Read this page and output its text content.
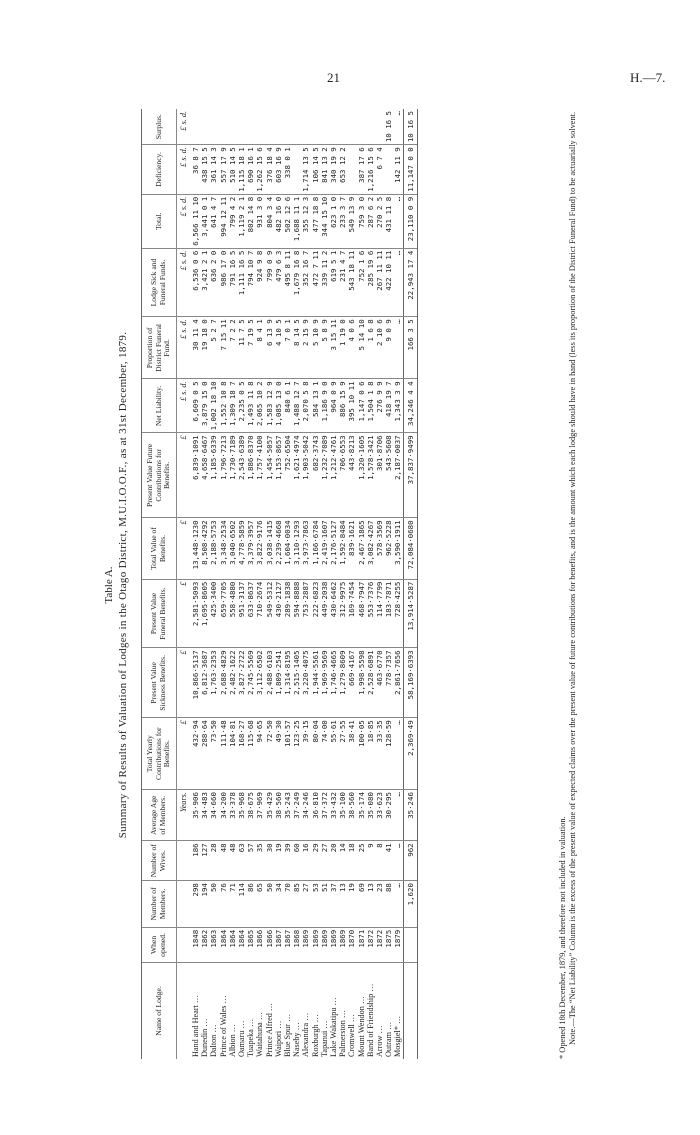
21	H.—7.
Table A. Summary of Results of Valuation of Lodges in the Otago District, M.U.I.O.O.F., as at 31st December, 1879.
Name of Lodge.	When opened.	Number of Members.	Number of Wives.	Average Age of Members.	Total Yearly Contributions for Benefits.	Present Value Sickness Benefits.	Present Value Funeral Benefits.	Total Value of Benefits.	Present Value Future Contributions for Benefits.	Net Liability.	Proportion of District Funeral Fund.	Lodge Sick and Funeral Funds.	Total.	Deficiency.	Surplus.
				Years.	£	£	£	£	£	£ s. d.	£ s. d.	£ s. d.	£ s. d.	£ s. d.	£ s. d.
Hand and Heart …	1848	298	186	35·906	432·94	10,866·5137	2,581·5093	13,448·1230	6,839·1091	6,609 0 5	30 11 4	6,536 0 6	6,566 11 10	36 8 7	
Dunedin …	1862	194	127	34·483	288·64	6,812·3687	1,695·8605	8,508·4292	4,658·6467	3,879 15 0	19 18 0	3,421 2 1	3,441 0 1	438 15 5	
Dalton …	1863	50	28	34·660	73·50	1,763·2353	425·3400	2,188·5753	1,185·6339	1,002 18 10	5 2 7	636 2 0	641 4 7	361 14 3	
Prince of Wales …	1864	76	48	34·200	111·48	2,688·4829	659·7705	3,348·2534	1,796·7213	1,552 10 8	7 15 11	986 17 0	994 12 11	557 17 9	
Albion …	1864	71	48	33·378	104·81	2,482·1622	558·4880	3,040·6502	1,730·7189	1,309 18 7	7 2 2	791 16 5	799 4 2	510 14 5	
Oamaru …	1864	114	63	35·968	168·27	3,827·2722	951·3137	4,778·5859	2,543·6389	2,235 0 5	11 7 5	1,111 16 5	1,119 2 1	1,115 18 1	
Tuapeka …	1865	86	57	38·675	115·68	2,745·5569	633·8637	3,379·3957	1,886·8370	1,493 11 8	7 19 5	794 10 7	802 14 8	690 16 1	
Waitahuna …	1866	65	35	37·969	94·65	3,112·6502	710·2674	3,822·9176	1,757·4100	2,065 10 2	8 4 1	924 9 8	931 3 0	1,262 15 6	
Prince Alfred …	1866	50	30	35·429	72·50	2,488·6103	549·5312	3,038·1415	1,454·5057	1,583 12 9	6 13 9	799 0 9	804 3 4	376 18 4	
Waipori …	1867	34	19	38·560	49·30	1,809·2541	430·2127	2,239·4668	1,153·8657	1,085 13 0	4 10 5	479 6 3	482 16 0	603 16 9	
Blue Spur …	1867	70	39	35·243	101·57	1,314·8195	289·1838	1,604·0034	752·6504	840 6 1	7 0 1	495 8 11	502 12 6	338 0 1	
Naseby …	1868	85	60	37·249	123·25	2,515·1405	594·8888	3,110·1293	1,621·4974	1,488 12 7	8 14 5	1,679 16 8	1,688 11 1		
Alexandra …	1869	27	16	34·246	39·15	3,220·4075	753·2887	3,973·7863	1,903·5042	2,070 5 8	2 15 9	352 16 7	355 12 3	1,714 13 5	
Roxburgh …	1869	53	29	36·810	80·04	1,944·5561	222·6823	1,166·6784	682·3743	584 13 1	5 10 9	472 7 11	477 18 8	106 14 5	
Tapanui …	1869	51	27	37·372	74·00	1,969·9569	449·2038	2,419·1607	1,232·7089	1,186 9 0	5 8 9	339 11 2	344 15 10	841 13 2	
Lake Wakatipu …	1869	37	20	33·432	55·61	1,746·4665	430·6462	2,176·5127	1,212·4761	964 0 9	3 15 11	619 5 1	623 1 0	340 19 9	
Palmerston …	1869	13	14	35·100	27·55	1,279·8609	312·9975	1,592·8484	706·6553	886 15 9	1 19 0	231 4 7	233 3 7	653 12 2	
Cromwell …	1870	19	18	38·560	38·41	669·4167	169·7454	839·1621	443·8213	395 10 11	4 0 6	543 18 11	549 13 9		
Mount Wendon …	1871	69	25	35·174	100·05	1,998·5598	468·7947	2,467·1865	1,320·1605	1,147 0 6	5 14 10	752 1 6	759 3 0	387 17 6	
Band of Friendship …	1872	13	9	35·080	18·85	2,528·6891	553·7376	3,082·4267	1,578·3421	1,504 1 8	1 6 8	285 19 6	287 6 2	1,216 15 6	
Arrow …	1872	23	8	33·623	33·35	463·6770	114·7799	578·3569	301·8706	276 9 9	2 10 6	267 11 11	270 2 5	6 7 4	
Outram …	1875	88	41	30·295	128·59	778·7357	183·7871	962·5228	543·5608	418 19 7	9 0 9	422 10 11	431 11 8		10 16 5
Mosgiel* …	1879	…	…	…	…	2,861·7656	728·4255	3,590·1911	2,187·0037	1,343 3 9	…	…	…	142 11 9	…
		1,620	962	35·246	2,369·49	58,169·6393	13,914·5287	72,084·0680	37,837·9499	34,246 4 4	166 3 5	22,943 17 4	23,110 0 9	11,147 0 0	10 16 5

* Opened 18th December, 1879, and therefore not included in valuation. Note.—The “Net Liability” Column is the excess of the present value of expected claims over the present value of future contributions for benefits, and is the amount which each lodge should have in hand (less its proportion of the District Funeral Fund) to be actuarially solvent.
